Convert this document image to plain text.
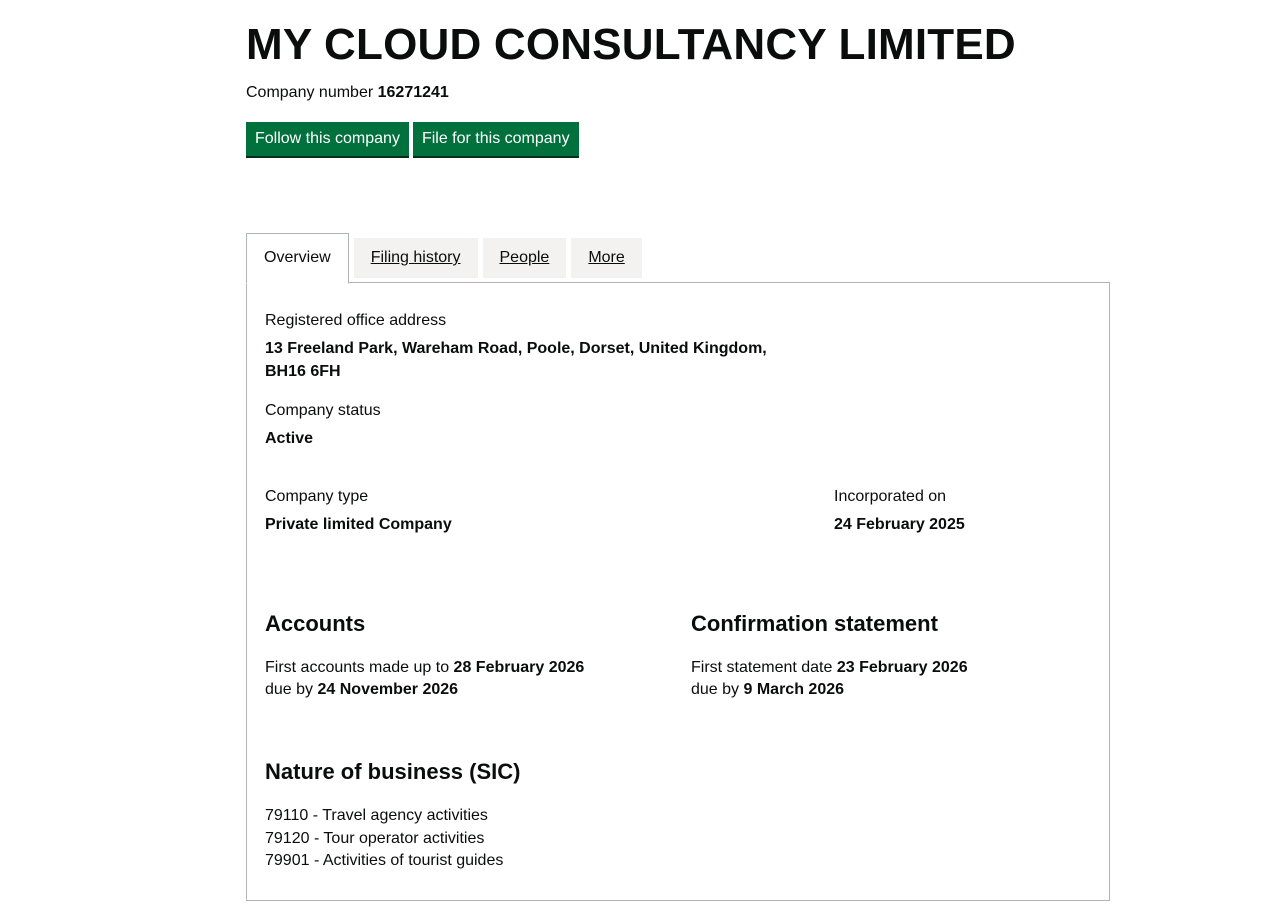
MY CLOUD CONSULTANCY LIMITED
Company number 16271241
Follow this company	File for this company
Overview	Filing history	People	More
Registered office address
13 Freeland Park, Wareham Road, Poole, Dorset, United Kingdom,
BH16 6FH
Company status
Active
Company type
Private limited Company
Incorporated on
24 February 2025
Accounts
First accounts made up to 28 February 2026
due by 24 November 2026
Confirmation statement
First statement date 23 February 2026
due by 9 March 2026
Nature of business (SIC)
79110 - Travel agency activities
79120 - Tour operator activities
79901 - Activities of tourist guides
